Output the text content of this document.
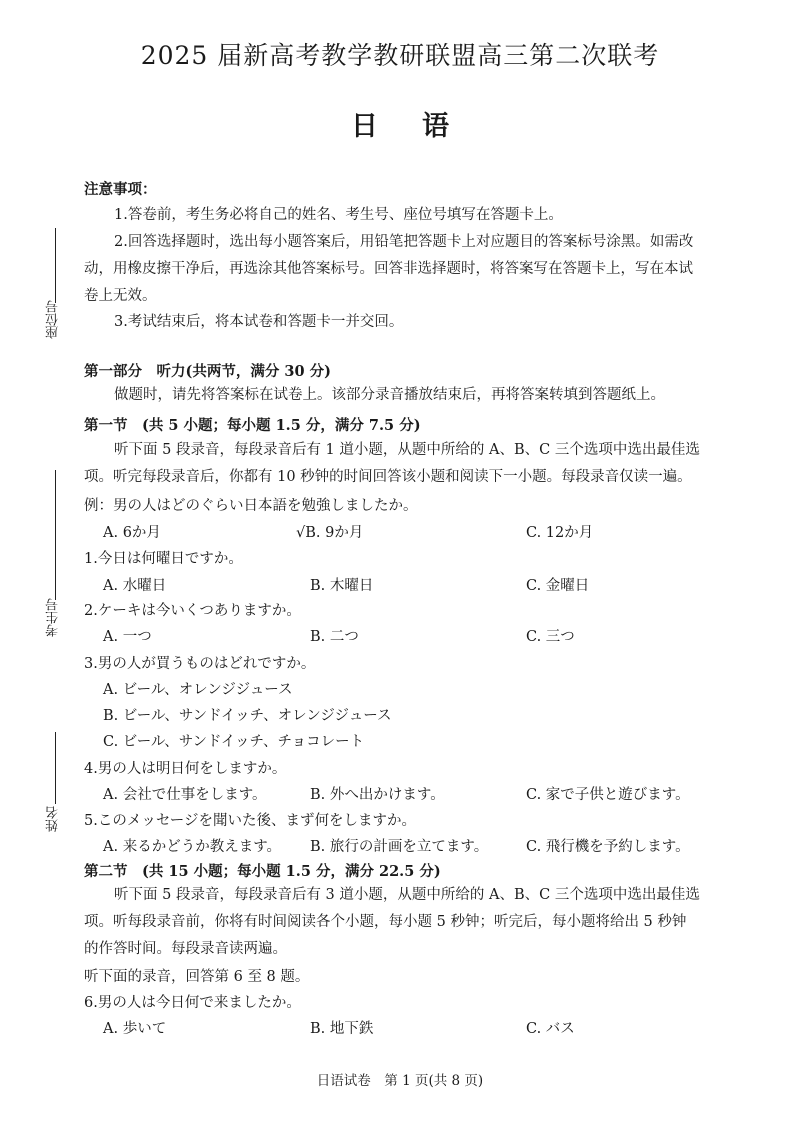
2025 届新高考教学教研联盟高三第二次联考
日语
座位号
考生号
姓名
注意事项：
1.答卷前，考生务必将自己的姓名、考生号、座位号填写在答题卡上。
2.回答选择题时，选出每小题答案后，用铅笔把答题卡上对应题目的答案标号涂黑。如需改动，用橡皮擦干净后，再选涂其他答案标号。回答非选择题时，将答案写在答题卡上，写在本试卷上无效。
3.考试结束后，将本试卷和答题卡一并交回。
第一部分　听力(共两节，满分 30 分)
做题时，请先将答案标在试卷上。该部分录音播放结束后，再将答案转填到答题纸上。
第一节　(共 5 小题；每小题 1.5 分，满分 7.5 分)
听下面 5 段录音，每段录音后有 1 道小题，从题中所给的 A、B、C 三个选项中选出最佳选项。听完每段录音后，你都有 10 秒钟的时间回答该小题和阅读下一小题。每段录音仅读一遍。
例：男の人はどのぐらい日本語を勉強しましたか。
A. 6か月	√B. 9か月	C. 12か月
1.今日は何曜日ですか。
A. 水曜日	B. 木曜日	C. 金曜日
2.ケーキは今いくつありますか。
A. 一つ	B. 二つ	C. 三つ
3.男の人が買うものはどれですか。
A. ビール、オレンジジュース
B. ビール、サンドイッチ、オレンジジュース
C. ビール、サンドイッチ、チョコレート
4.男の人は明日何をしますか。
A. 会社で仕事をします。	B. 外へ出かけます。	C. 家で子供と遊びます。
5.このメッセージを聞いた後、まず何をしますか。
A. 来るかどうか教えます。 B. 旅行の計画を立てます。	C. 飛行機を予約します。
第二节　(共 15 小题；每小题 1.5 分，满分 22.5 分)
听下面 5 段录音，每段录音后有 3 道小题，从题中所给的 A、B、C 三个选项中选出最佳选项。听每段录音前，你将有时间阅读各个小题，每小题 5 秒钟；听完后，每小题将给出 5 秒钟的作答时间。每段录音读两遍。
听下面的录音，回答第 6 至 8 题。
6.男の人は今日何で来ましたか。
A. 歩いて	B. 地下鉄	C. バス
日语试卷　第 1 页(共 8 页)
